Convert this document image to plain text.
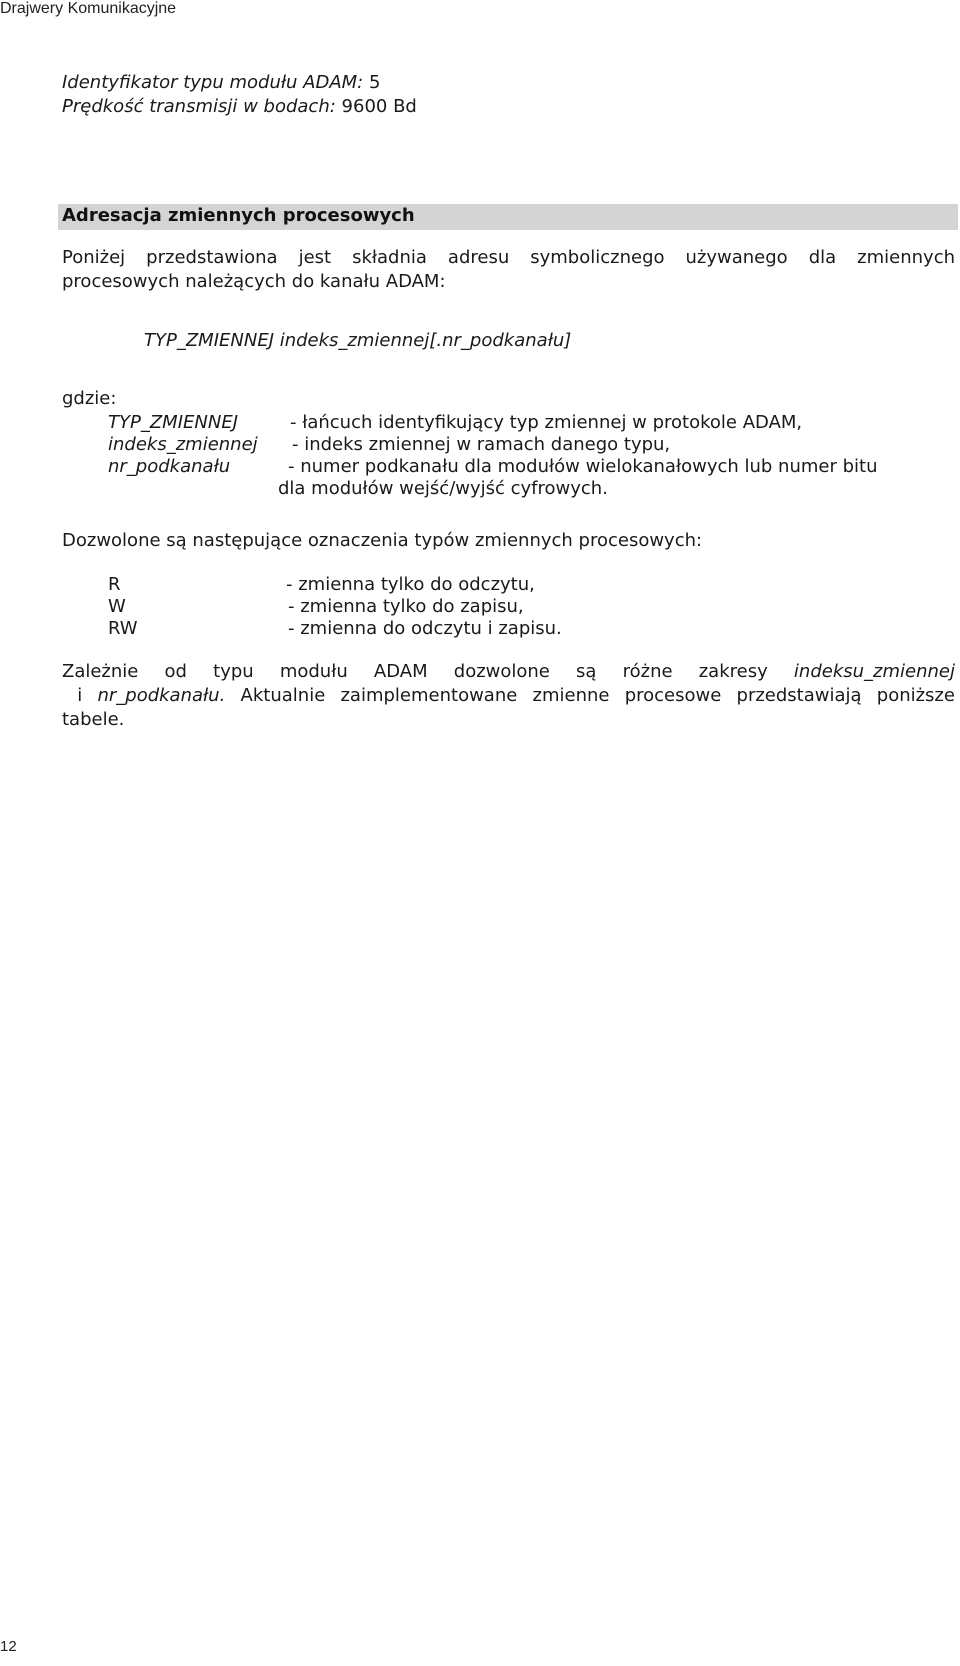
Drajwery Komunikacyjne
Identyfikator typu modułu ADAM: 5
Prędkość transmisji w bodach: 9600 Bd
Adresacja zmiennych procesowych
Poniżej przedstawiona jest składnia adresu symbolicznego używanego dla zmiennych
procesowych należących do kanału ADAM:
TYP_ZMIENNEJ indeks_zmiennej[.nr_podkanału]
gdzie:
TYP_ZMIENNEJ	- łańcuch identyfikujący typ zmiennej w protokole ADAM,
indeks_zmiennej - indeks zmiennej w ramach danego typu,
nr_podkanału	- numer podkanału dla modułów wielokanałowych lub numer bitu
dla modułów wejść/wyjść cyfrowych.
Dozwolone są następujące oznaczenia typów zmiennych procesowych:
R	- zmienna tylko do odczytu,
W	- zmienna tylko do zapisu,
RW	- zmienna do odczytu i zapisu.
Zależnie od typu modułu ADAM dozwolone są różne zakresy indeksu_zmiennej
i nr_podkanału. Aktualnie zaimplementowane zmienne procesowe przedstawiają poniższe
tabele.
12
